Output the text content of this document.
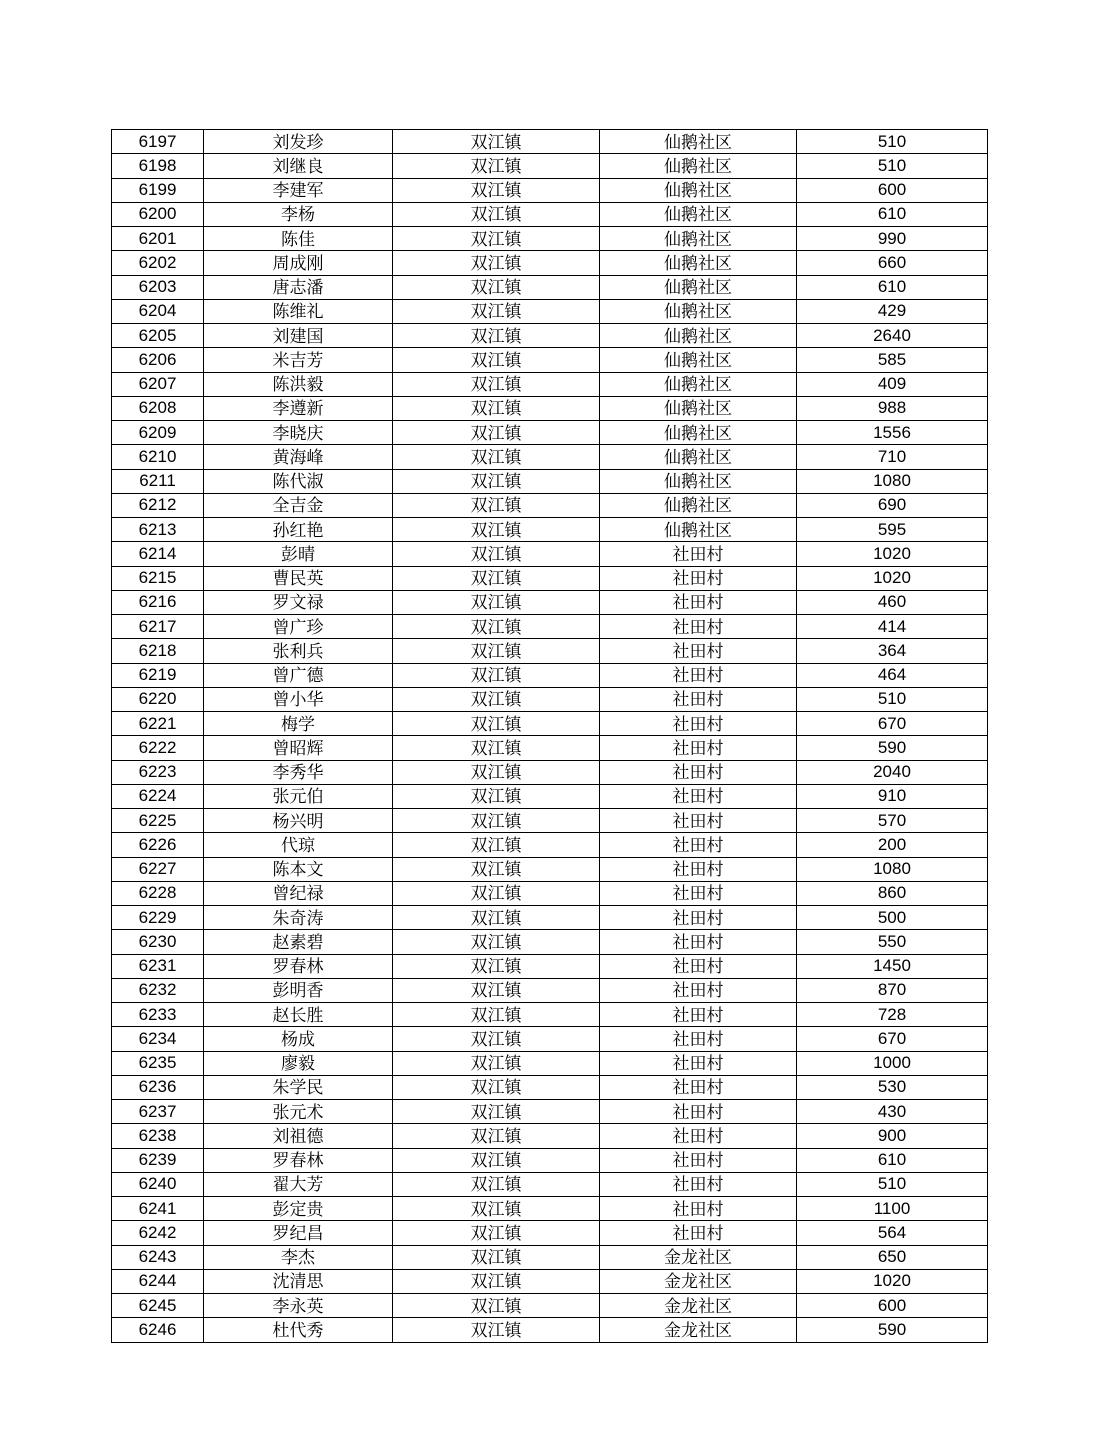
6197	刘发珍	双江镇	仙鹅社区	510
6198	刘继良	双江镇	仙鹅社区	510
6199	李建军	双江镇	仙鹅社区	600
6200	李杨	双江镇	仙鹅社区	610
6201	陈佳	双江镇	仙鹅社区	990
6202	周成刚	双江镇	仙鹅社区	660
6203	唐志潘	双江镇	仙鹅社区	610
6204	陈维礼	双江镇	仙鹅社区	429
6205	刘建国	双江镇	仙鹅社区	2640
6206	米吉芳	双江镇	仙鹅社区	585
6207	陈洪毅	双江镇	仙鹅社区	409
6208	李遵新	双江镇	仙鹅社区	988
6209	李晓庆	双江镇	仙鹅社区	1556
6210	黄海峰	双江镇	仙鹅社区	710
6211	陈代淑	双江镇	仙鹅社区	1080
6212	全吉金	双江镇	仙鹅社区	690
6213	孙红艳	双江镇	仙鹅社区	595
6214	彭晴	双江镇	社田村	1020
6215	曹民英	双江镇	社田村	1020
6216	罗文禄	双江镇	社田村	460
6217	曾广珍	双江镇	社田村	414
6218	张利兵	双江镇	社田村	364
6219	曾广德	双江镇	社田村	464
6220	曾小华	双江镇	社田村	510
6221	梅学	双江镇	社田村	670
6222	曾昭辉	双江镇	社田村	590
6223	李秀华	双江镇	社田村	2040
6224	张元伯	双江镇	社田村	910
6225	杨兴明	双江镇	社田村	570
6226	代琼	双江镇	社田村	200
6227	陈本文	双江镇	社田村	1080
6228	曾纪禄	双江镇	社田村	860
6229	朱奇涛	双江镇	社田村	500
6230	赵素碧	双江镇	社田村	550
6231	罗春林	双江镇	社田村	1450
6232	彭明香	双江镇	社田村	870
6233	赵长胜	双江镇	社田村	728
6234	杨成	双江镇	社田村	670
6235	廖毅	双江镇	社田村	1000
6236	朱学民	双江镇	社田村	530
6237	张元术	双江镇	社田村	430
6238	刘祖德	双江镇	社田村	900
6239	罗春林	双江镇	社田村	610
6240	翟大芳	双江镇	社田村	510
6241	彭定贵	双江镇	社田村	1100
6242	罗纪昌	双江镇	社田村	564
6243	李杰	双江镇	金龙社区	650
6244	沈清思	双江镇	金龙社区	1020
6245	李永英	双江镇	金龙社区	600
6246	杜代秀	双江镇	金龙社区	590
